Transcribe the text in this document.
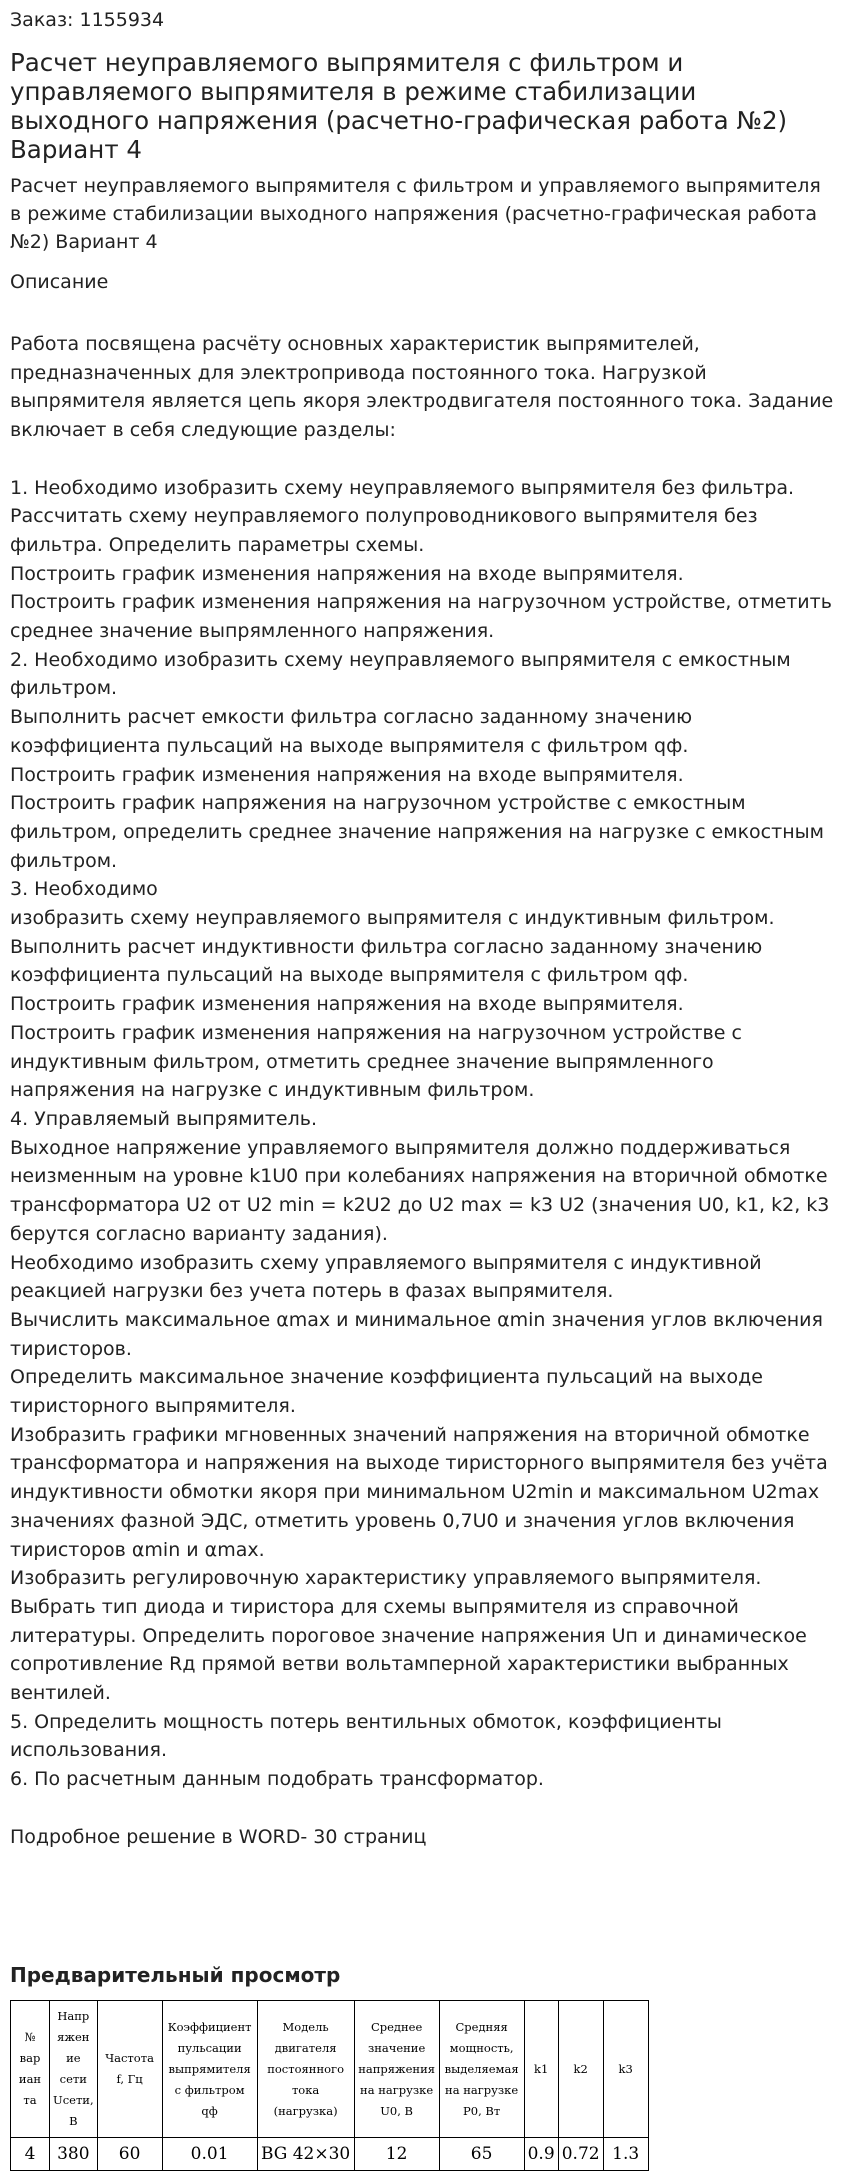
Заказ: 1155934
Расчет неуправляемого выпрямителя с фильтром и управляемого выпрямителя в режиме стабилизации выходного напряжения (расчетно-графическая работа №2) Вариант 4
Расчет неуправляемого выпрямителя с фильтром и управляемого выпрямителя в режиме стабилизации выходного напряжения (расчетно-графическая работа №2) Вариант 4
Описание
Работа посвящена расчёту основных характеристик выпрямителей, предназначенных для электропривода постоянного тока. Нагрузкой выпрямителя является цепь якоря электродвигателя постоянного тока. Задание включает в себя следующие разделы:

1. Необходимо изобразить схему неуправляемого выпрямителя без фильтра. Рассчитать схему неуправляемого полупроводникового выпрямителя без фильтра. Определить параметры схемы.
Построить график изменения напряжения на входе выпрямителя.
Построить график изменения напряжения на нагрузочном устройстве, отметить среднее значение выпрямленного напряжения.
2. Необходимо изобразить схему неуправляемого выпрямителя с емкостным фильтром.
Выполнить расчет емкости фильтра согласно заданному значению коэффициента пульсаций на выходе выпрямителя с фильтром qф.
Построить график изменения напряжения на входе выпрямителя.
Построить график напряжения на нагрузочном устройстве с емкостным фильтром, определить среднее значение напряжения на нагрузке с емкостным фильтром.
3. Необходимо
изобразить схему неуправляемого выпрямителя с индуктивным фильтром.
Выполнить расчет индуктивности фильтра согласно заданному значению коэффициента пульсаций на выходе выпрямителя с фильтром qф.
Построить график изменения напряжения на входе выпрямителя.
Построить график изменения напряжения на нагрузочном устройстве с индуктивным фильтром, отметить среднее значение выпрямленного напряжения на нагрузке с индуктивным фильтром.
4. Управляемый выпрямитель.
Выходное напряжение управляемого выпрямителя должно поддерживаться неизменным на уровне k1U0 при колебаниях напряжения на вторичной обмотке трансформатора U2 от U2 min = k2U2 до U2 max = k3 U2 (значения U0, k1, k2, k3 берутся согласно варианту задания).
Необходимо изобразить схему управляемого выпрямителя с индуктивной реакцией нагрузки без учета потерь в фазах выпрямителя.
Вычислить максимальное αmax и минимальное αmin значения углов включения тиристоров.
Определить максимальное значение коэффициента пульсаций на выходе тиристорного выпрямителя.
Изобразить графики мгновенных значений напряжения на вторичной обмотке трансформатора и напряжения на выходе тиристорного выпрямителя без учёта индуктивности обмотки якоря при минимальном U2min и максимальном U2max значениях фазной ЭДС, отметить уровень 0,7U0 и значения углов включения тиристоров αmin и αmax.
Изобразить регулировочную характеристику управляемого выпрямителя.
Выбрать тип диода и тиристора для схемы выпрямителя из справочной литературы. Определить пороговое значение напряжения Uп и динамическое сопротивление Rд прямой ветви вольтамперной характеристики выбранных вентилей.
5. Определить мощность потерь вентильных обмоток, коэффициенты использования.
6. По расчетным данным подобрать трансформатор.

Подробное решение в WORD- 30 страниц
Предварительный просмотр
№ вар иан та	Напр яжен ие сети Uсети, В	Частота f, Гц	Коэффициент пульсации выпрямителя с фильтром qф	Модель двигателя постоянного тока (нагрузка)	Среднее значение напряжения на нагрузке U0, В	Средняя мощность, выделяемая на нагрузке P0, Вт	k1	k2	k3
4	380	60	0.01	BG 42×30	12	65	0.9	0.72	1.3
